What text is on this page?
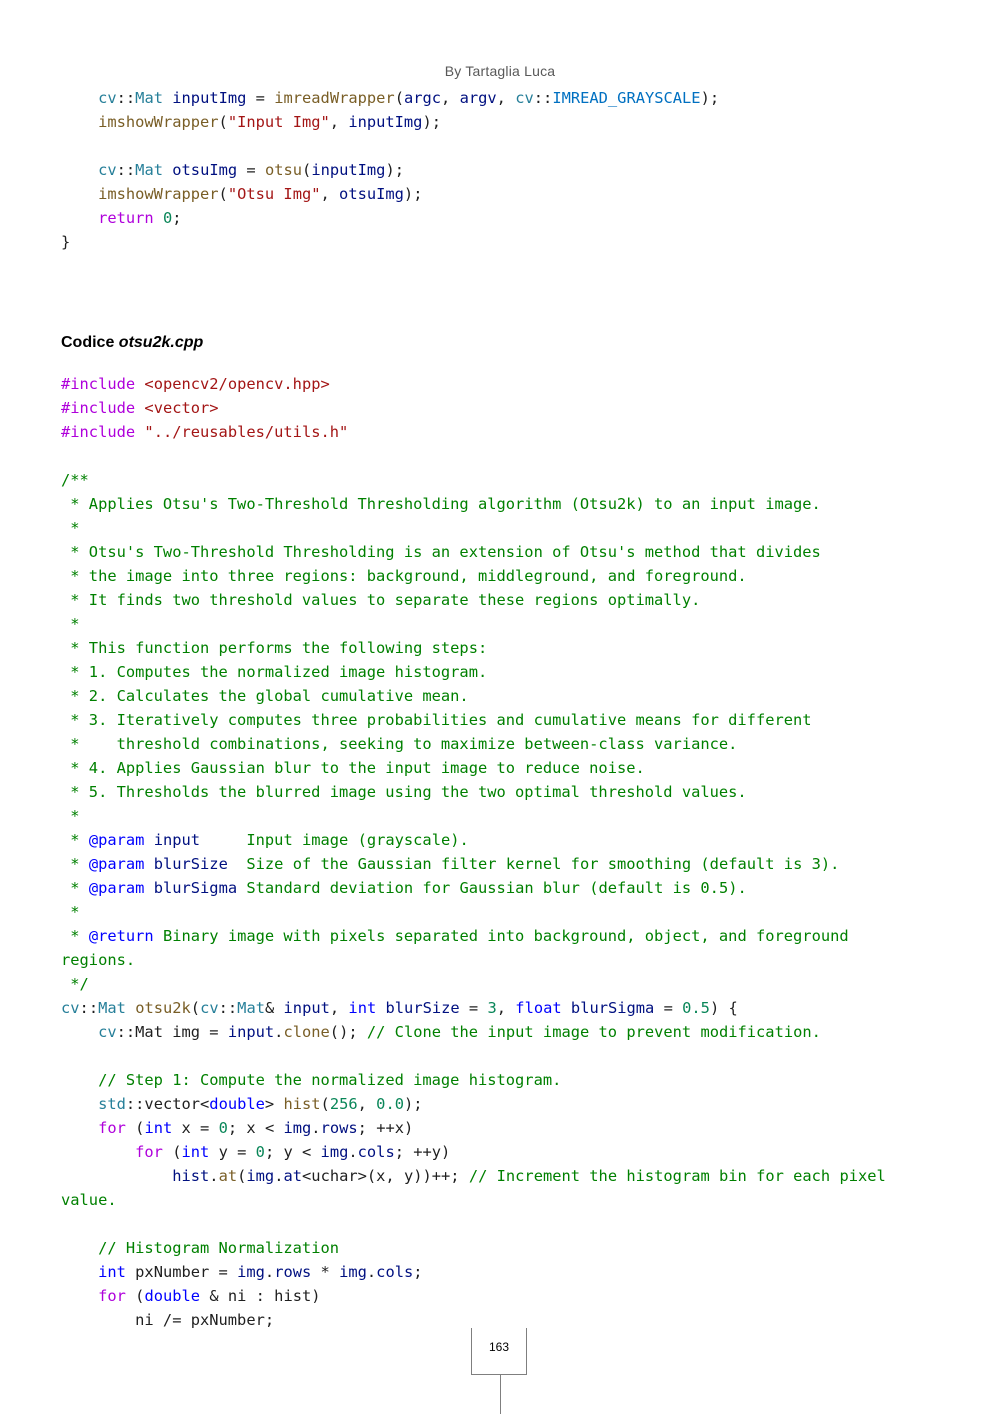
By Tartaglia Luca
cv::Mat inputImg = imreadWrapper(argc, argv, cv::IMREAD_GRAYSCALE);
imshowWrapper("Input Img", inputImg);
cv::Mat otsuImg = otsu(inputImg);
imshowWrapper("Otsu Img", otsuImg);
return 0;
}
Codice otsu2k.cpp
#include <opencv2/opencv.hpp>
#include <vector>
#include "../reusables/utils.h"
/**
* Applies Otsu's Two-Threshold Thresholding algorithm (Otsu2k) to an input image.
*
* Otsu's Two-Threshold Thresholding is an extension of Otsu's method that divides
* the image into three regions: background, middleground, and foreground.
* It finds two threshold values to separate these regions optimally.
*
* This function performs the following steps:
* 1. Computes the normalized image histogram.
* 2. Calculates the global cumulative mean.
* 3. Iteratively computes three probabilities and cumulative means for different
*    threshold combinations, seeking to maximize between-class variance.
* 4. Applies Gaussian blur to the input image to reduce noise.
* 5. Thresholds the blurred image using the two optimal threshold values.
*
* @param input     Input image (grayscale).
* @param blurSize  Size of the Gaussian filter kernel for smoothing (default is 3).
* @param blurSigma Standard deviation for Gaussian blur (default is 0.5).
*
* @return Binary image with pixels separated into background, object, and foreground
regions.
*/
cv::Mat otsu2k(cv::Mat& input, int blurSize = 3, float blurSigma = 0.5) {
cv::Mat img = input.clone(); // Clone the input image to prevent modification.
// Step 1: Compute the normalized image histogram.
std::vector<double> hist(256, 0.0);
for (int x = 0; x < img.rows; ++x)
for (int y = 0; y < img.cols; ++y)
hist.at(img.at<uchar>(x, y))++; // Increment the histogram bin for each pixel
value.
// Histogram Normalization
int pxNumber = img.rows * img.cols;
for (double & ni : hist)
ni /= pxNumber;
163
